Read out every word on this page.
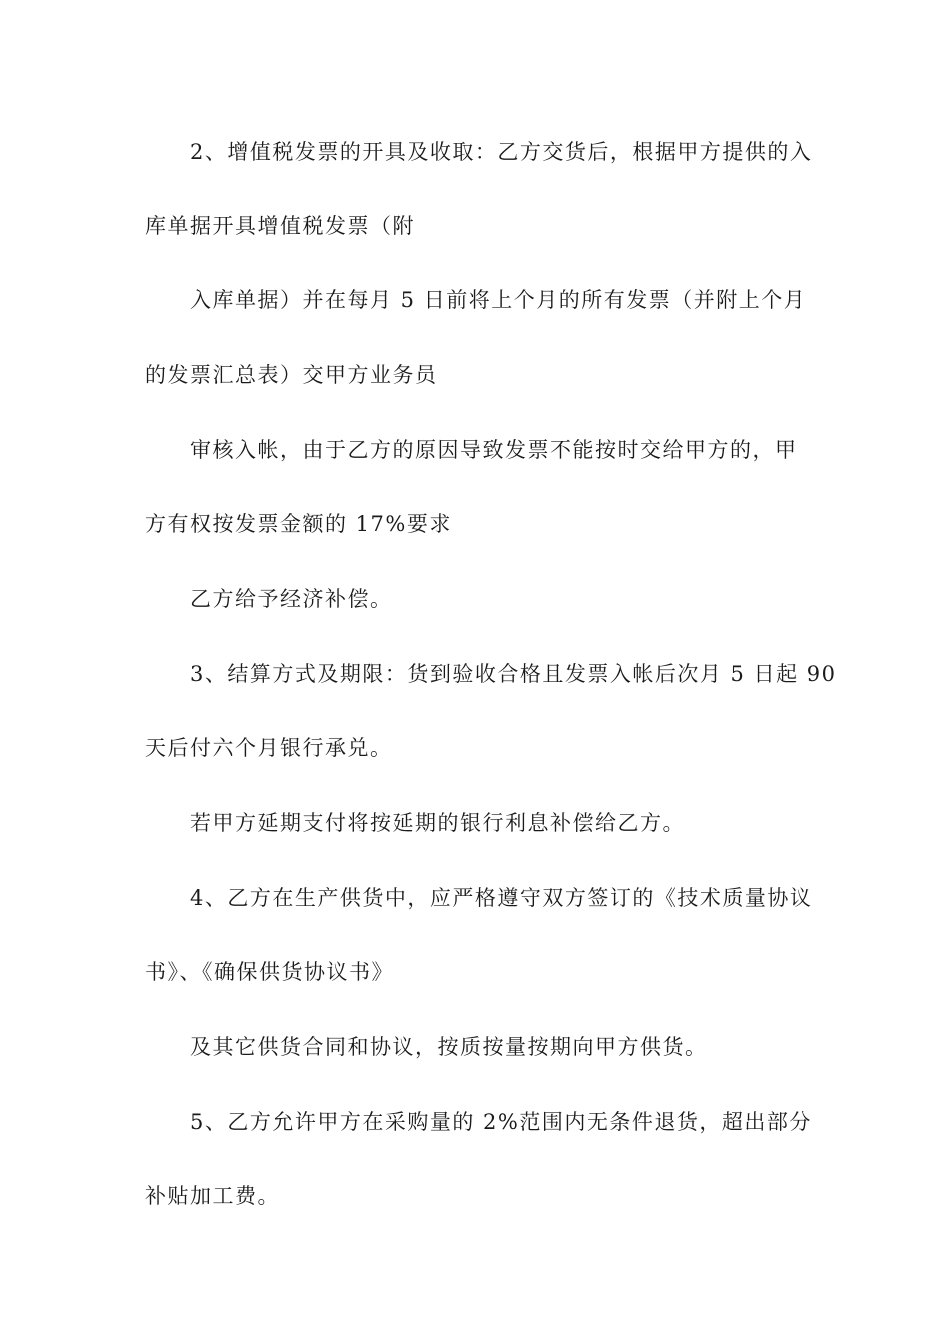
2、增值税发票的开具及收取：乙方交货后，根据甲方提供的入
库单据开具增值税发票（附
入库单据）并在每月 5 日前将上个月的所有发票（并附上个月
的发票汇总表）交甲方业务员
审核入帐，由于乙方的原因导致发票不能按时交给甲方的，甲
方有权按发票金额的 17%要求
乙方给予经济补偿。
3、结算方式及期限：货到验收合格且发票入帐后次月 5 日起 90
天后付六个月银行承兑。
若甲方延期支付将按延期的银行利息补偿给乙方。
4、乙方在生产供货中，应严格遵守双方签订的《技术质量协议
书》、《确保供货协议书》
及其它供货合同和协议，按质按量按期向甲方供货。
5、乙方允许甲方在采购量的 2%范围内无条件退货，超出部分
补贴加工费。
